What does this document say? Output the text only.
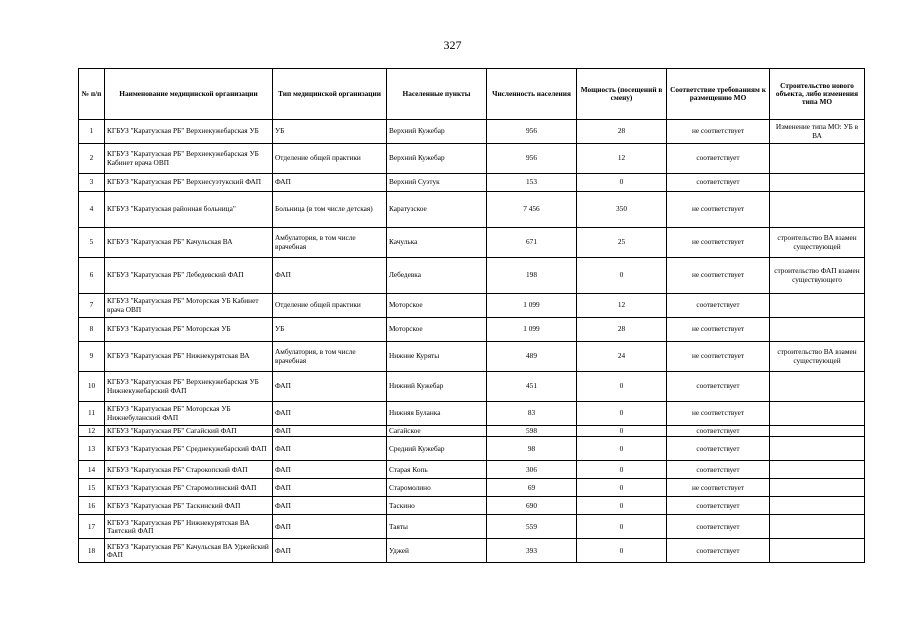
327
№ п/п	Наименование медицинской организации	Тип медицинской организации	Населенные пункты	Численность населения	Мощность (посещений в смену)	Соответствие требованиям к размещению МО	Строительство нового объекта, либо изменения типа МО
1	КГБУЗ "Каратузская РБ" Верхнекужебарская УБ	УБ	Верхний Кужебар	956	28	не соответствует	Изменение типа МО: УБ в ВА
2	КГБУЗ "Каратузская РБ" Верхнекужебарская УБ Кабинет врача ОВП	Отделение общей практики	Верхний Кужебар	956	12	соответствует	
3	КГБУЗ "Каратузская РБ" Верхнесуэтукский ФАП	ФАП	Верхний Суэтук	153	0	соответствует	
4	КГБУЗ "Каратузская районная больница"	Больница (в том числе детская)	Каратузское	7 456	350	не соответствует	
5	КГБУЗ "Каратузская РБ" Качульская ВА	Амбулатория, в том числе врачебная	Качулька	671	25	не соответствует	строительство ВА взамен существующей
6	КГБУЗ "Каратузская РБ" Лебедевский ФАП	ФАП	Лебедевка	198	0	не соответствует	строительство ФАП взамен существующего
7	КГБУЗ "Каратузская РБ" Моторская УБ Кабинет врача ОВП	Отделение общей практики	Моторское	1 099	12	соответствует	
8	КГБУЗ "Каратузская РБ" Моторская УБ	УБ	Моторское	1 099	28	не соответствует	
9	КГБУЗ "Каратузская РБ" Нижнекурятская ВА	Амбулатория, в том числе врачебная	Нижние Куряты	489	24	не соответствует	строительство ВА взамен существующей
10	КГБУЗ "Каратузская РБ" Верхнекужебарская УБ Нижнекужебарский ФАП	ФАП	Нижний Кужебар	451	0	соответствует	
11	КГБУЗ "Каратузская РБ" Моторская УБ Нижнебуланский ФАП	ФАП	Нижняя Буланка	83	0	не соответствует	
12	КГБУЗ "Каратузская РБ" Сагайский ФАП	ФАП	Сагайское	598	0	соответствует	
13	КГБУЗ "Каратузская РБ" Среднекужебарский ФАП	ФАП	Средний Кужебар	98	0	соответствует	
14	КГБУЗ "Каратузская РБ" Старокопский ФАП	ФАП	Старая Копь	306	0	соответствует	
15	КГБУЗ "Каратузская РБ" Старомолинский ФАП	ФАП	Старомолино	69	0	не соответствует	
16	КГБУЗ "Каратузская РБ" Таскинский ФАП	ФАП	Таскино	690	0	соответствует	
17	КГБУЗ "Каратузская РБ" Нижнекурятская ВА Таятский ФАП	ФАП	Таяты	559	0	соответствует	
18	КГБУЗ "Каратузская РБ" Качульская ВА Уджейский ФАП	ФАП	Уджей	393	0	соответствует	
